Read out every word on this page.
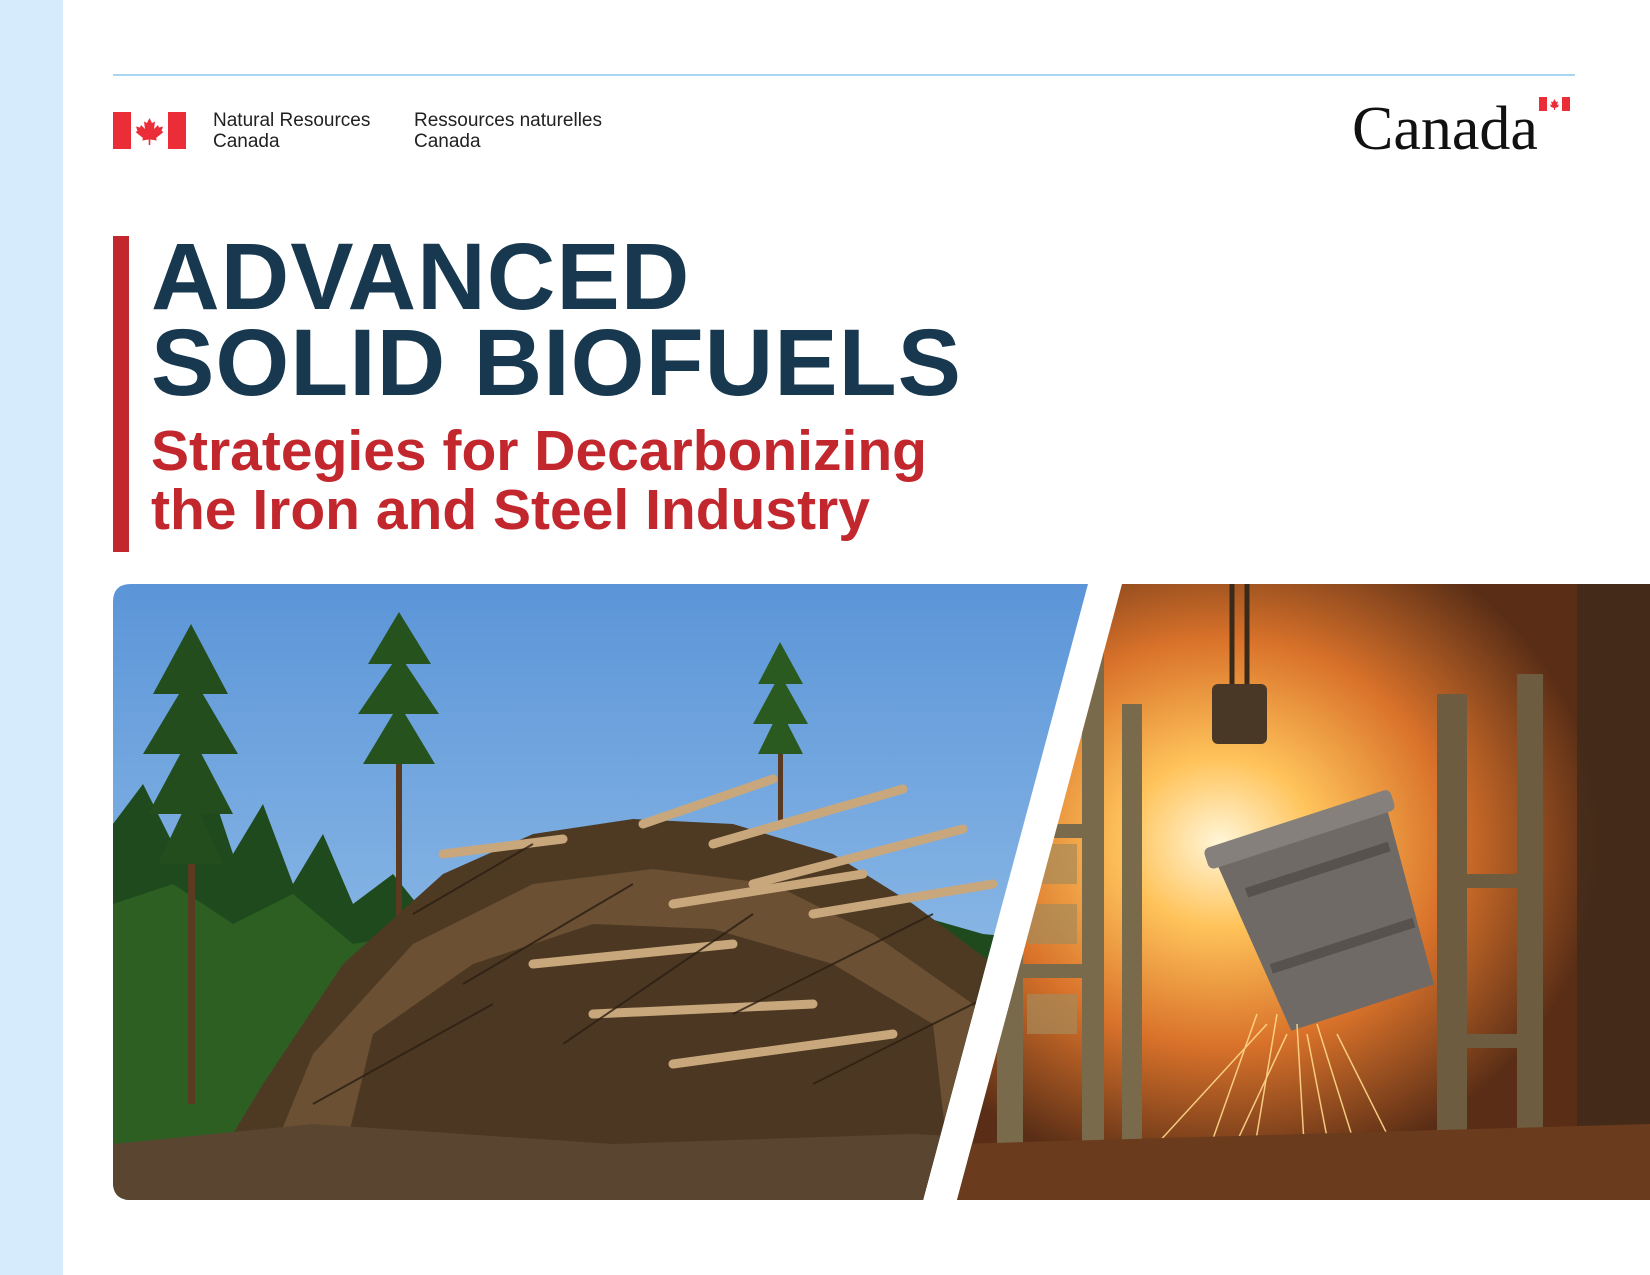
Natural Resources
Canada
Ressources naturelles
Canada	Canada
ADVANCED
SOLID BIOFUELS
Strategies for Decarbonizing
the Iron and Steel Industry
